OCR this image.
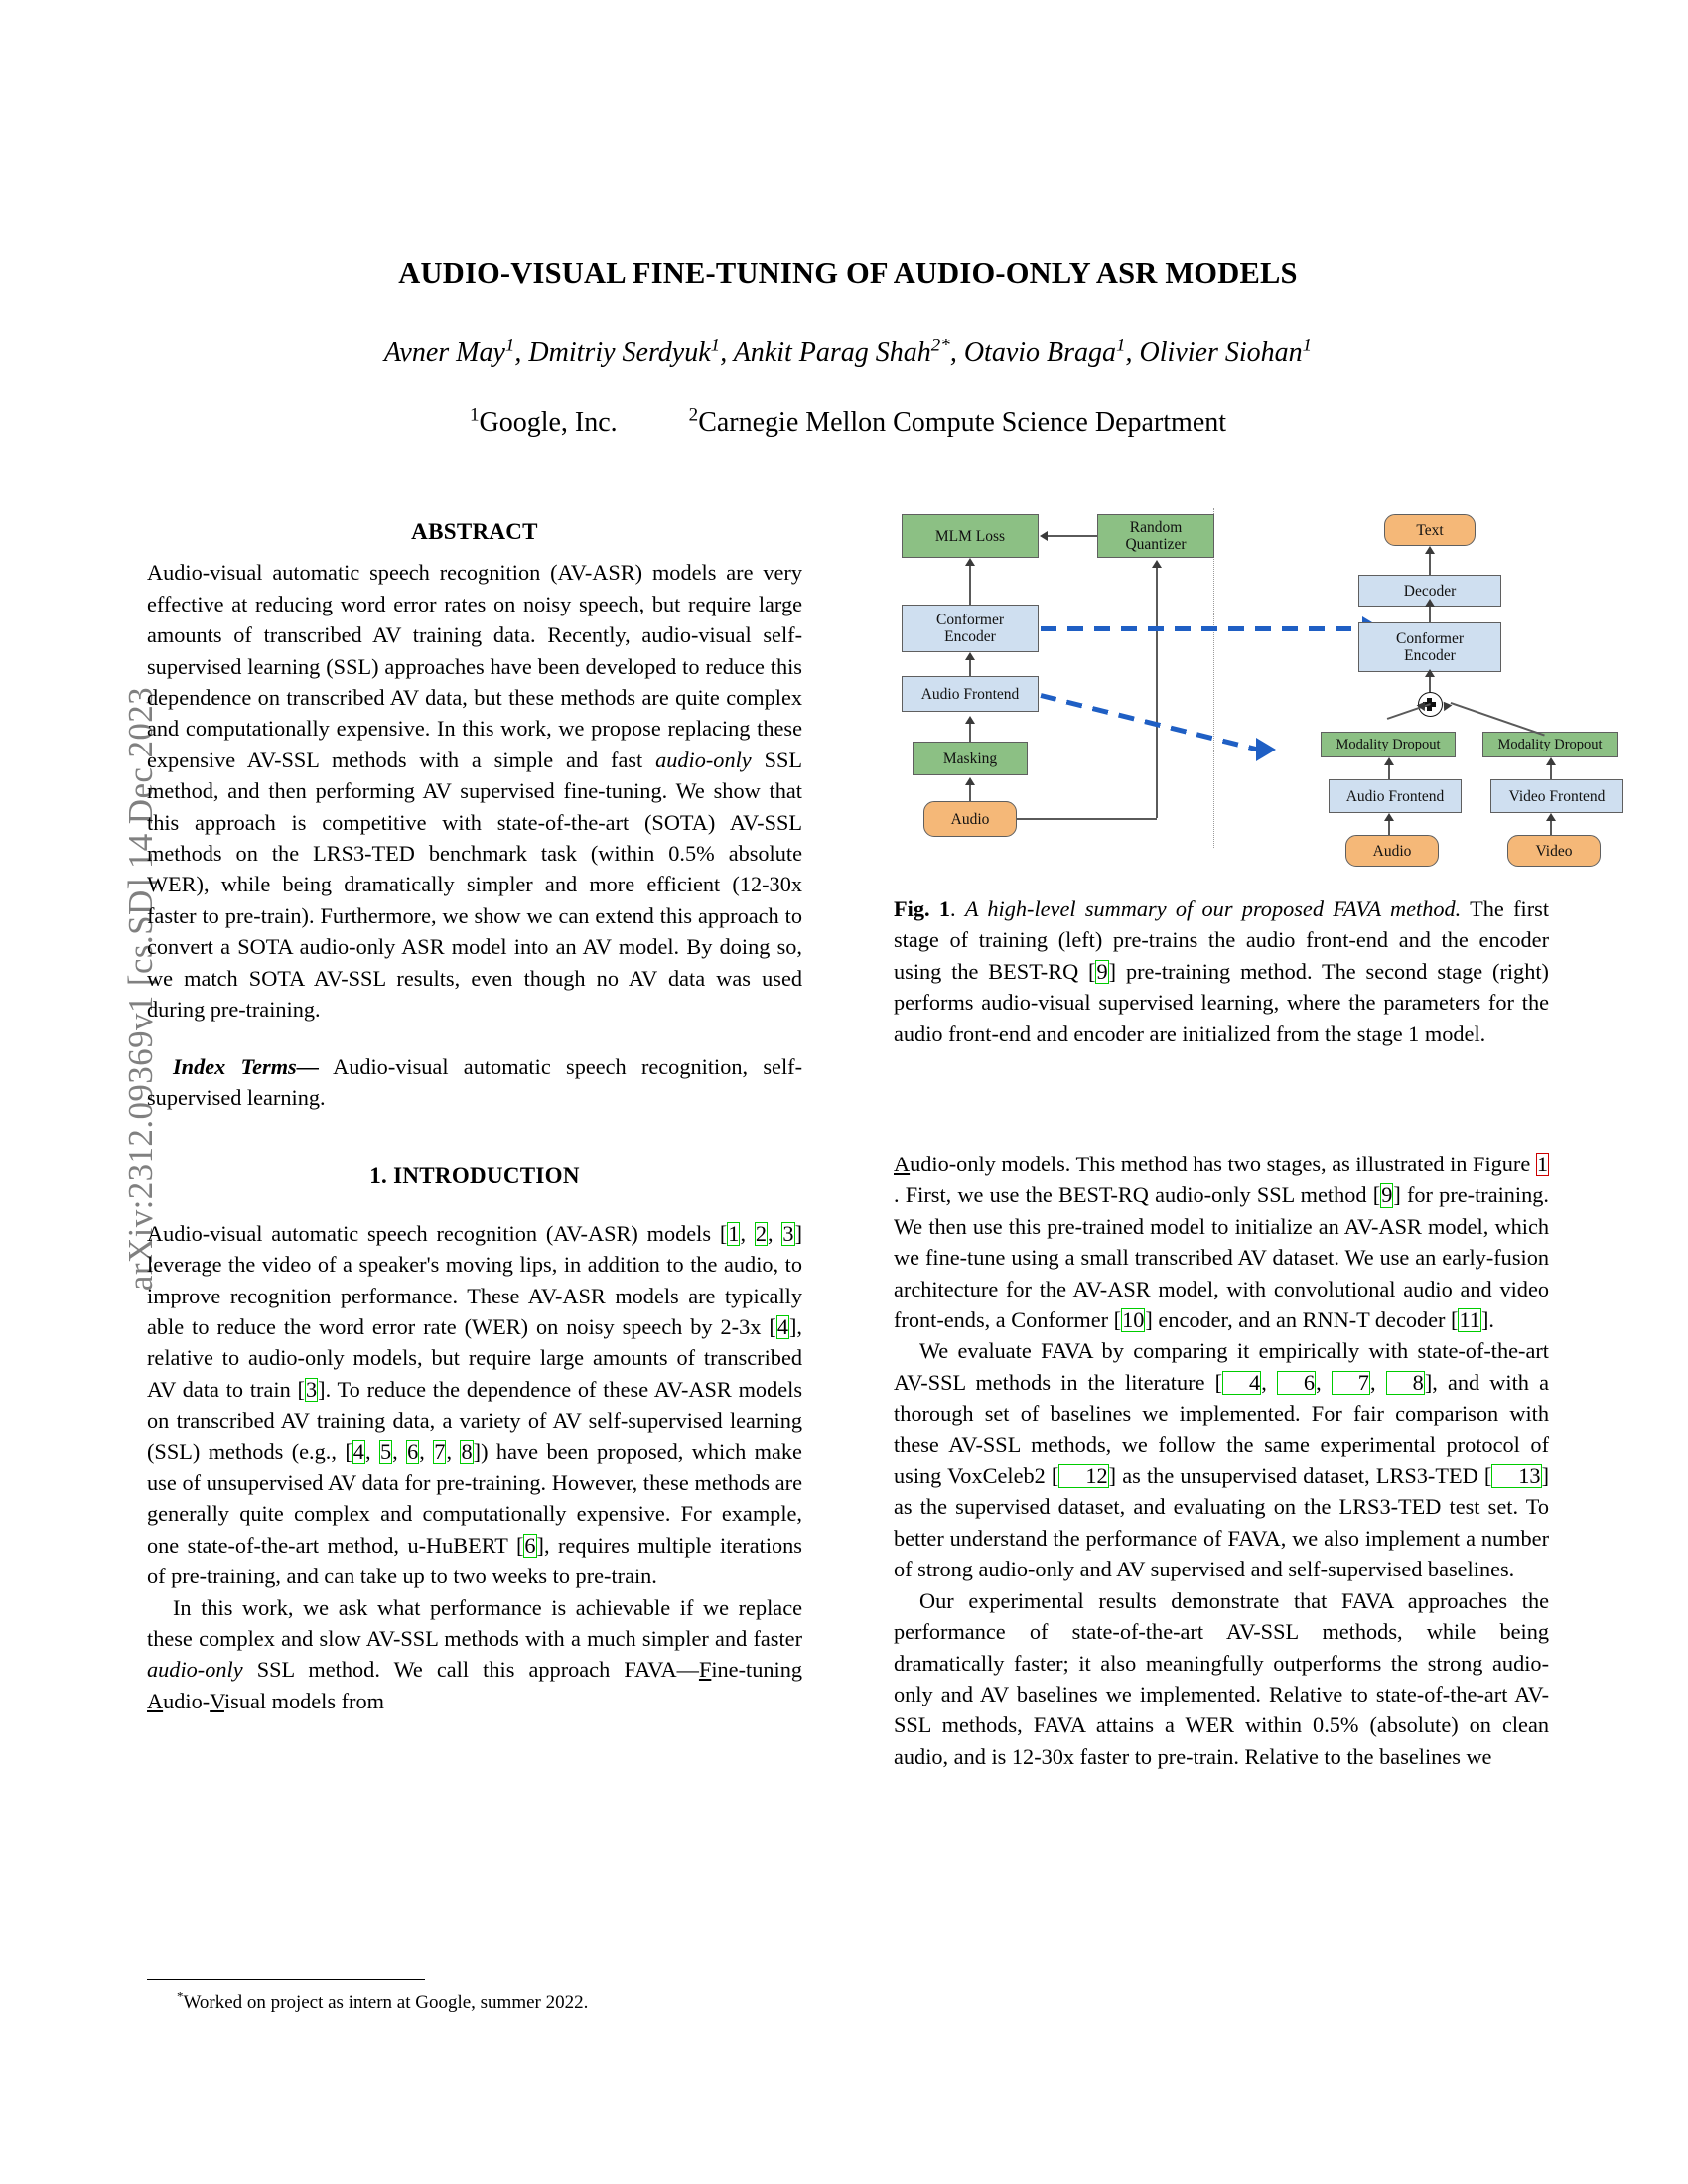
arXiv:2312.09369v1 [cs.SD] 14 Dec 2023
AUDIO-VISUAL FINE-TUNING OF AUDIO-ONLY ASR MODELS
Avner May$^1$, Dmitriy Serdyuk$^1$, Ankit Parag Shah$^{2*}$, Otavio Braga$^1$, Olivier Siohan$^1$
$^1$Google, Inc.	$^2$Carnegie Mellon Compute Science Department
ABSTRACT

Audio-visual automatic speech recognition (AV-ASR) models are very effective at reducing word error rates on noisy speech, but require large amounts of transcribed AV training data. Recently, audio-visual self-supervised learning (SSL) approaches have been developed to reduce this dependence on transcribed AV data, but these methods are quite complex and computationally expensive. In this work, we propose replacing these expensive AV-SSL methods with a simple and fast audio-only SSL method, and then performing AV supervised fine-tuning. We show that this approach is competitive with state-of-the-art (SOTA) AV-SSL methods on the LRS3-TED benchmark task (within 0.5% absolute WER), while being dramatically simpler and more efficient (12-30x faster to pre-train). Furthermore, we show we can extend this approach to convert a SOTA audio-only ASR model into an AV model. By doing so, we match SOTA AV-SSL results, even though no AV data was used during pre-training.

Index Terms— Audio-visual automatic speech recognition, self-supervised learning.

1. INTRODUCTION

Audio-visual automatic speech recognition (AV-ASR) models [1, 2, 3] leverage the video of a speaker's moving lips, in addition to the audio, to improve recognition performance. These AV-ASR models are typically able to reduce the word error rate (WER) on noisy speech by 2-3x [4], relative to audio-only models, but require large amounts of transcribed AV data to train [3]. To reduce the dependence of these AV-ASR models on transcribed AV training data, a variety of AV self-supervised learning (SSL) methods (e.g., [4, 5, 6, 7, 8]) have been proposed, which make use of unsupervised AV data for pre-training. However, these methods are generally quite complex and computationally expensive. For example, one state-of-the-art method, u-HuBERT [6], requires multiple iterations of pre-training, and can take up to two weeks to pre-train.

In this work, we ask what performance is achievable if we replace these complex and slow AV-SSL methods with a much simpler and faster audio-only SSL method. We call this approach FAVA—Fine-tuning Audio-Visual models from

*Worked on project as intern at Google, summer 2022.
MLM Loss	Random
Quantizer
Conformer
Encoder
Audio Frontend
Masking
Audio
Text
Decoder
Conformer
Encoder
Modality Dropout	Modality Dropout
Audio Frontend	Video Frontend
Audio	Video
Fig. 1. A high-level summary of our proposed FAVA method. The first stage of training (left) pre-trains the audio front-end and the encoder using the BEST-RQ [9] pre-training method. The second stage (right) performs audio-visual supervised learning, where the parameters for the audio front-end and encoder are initialized from the stage 1 model.

Audio-only models. This method has two stages, as illustrated in Figure 1. First, we use the BEST-RQ audio-only SSL method [9] for pre-training. We then use this pre-trained model to initialize an AV-ASR model, which we fine-tune using a small transcribed AV dataset. We use an early-fusion architecture for the AV-ASR model, with convolutional audio and video front-ends, a Conformer [10] encoder, and an RNN-T decoder [11].

We evaluate FAVA by comparing it empirically with state-of-the-art AV-SSL methods in the literature [ 4, 6, 7, 8], and with a thorough set of baselines we implemented. For fair comparison with these AV-SSL methods, we follow the same experimental protocol of using VoxCeleb2 [ 12] as the unsupervised dataset, LRS3-TED [ 13] as the supervised dataset, and evaluating on the LRS3-TED test set. To better understand the performance of FAVA, we also implement a number of strong audio-only and AV supervised and self-supervised baselines.

Our experimental results demonstrate that FAVA approaches the performance of state-of-the-art AV-SSL methods, while being dramatically faster; it also meaningfully outperforms the strong audio-only and AV baselines we implemented. Relative to state-of-the-art AV-SSL methods, FAVA attains a WER within 0.5% (absolute) on clean audio, and is 12-30x faster to pre-train. Relative to the baselines we
